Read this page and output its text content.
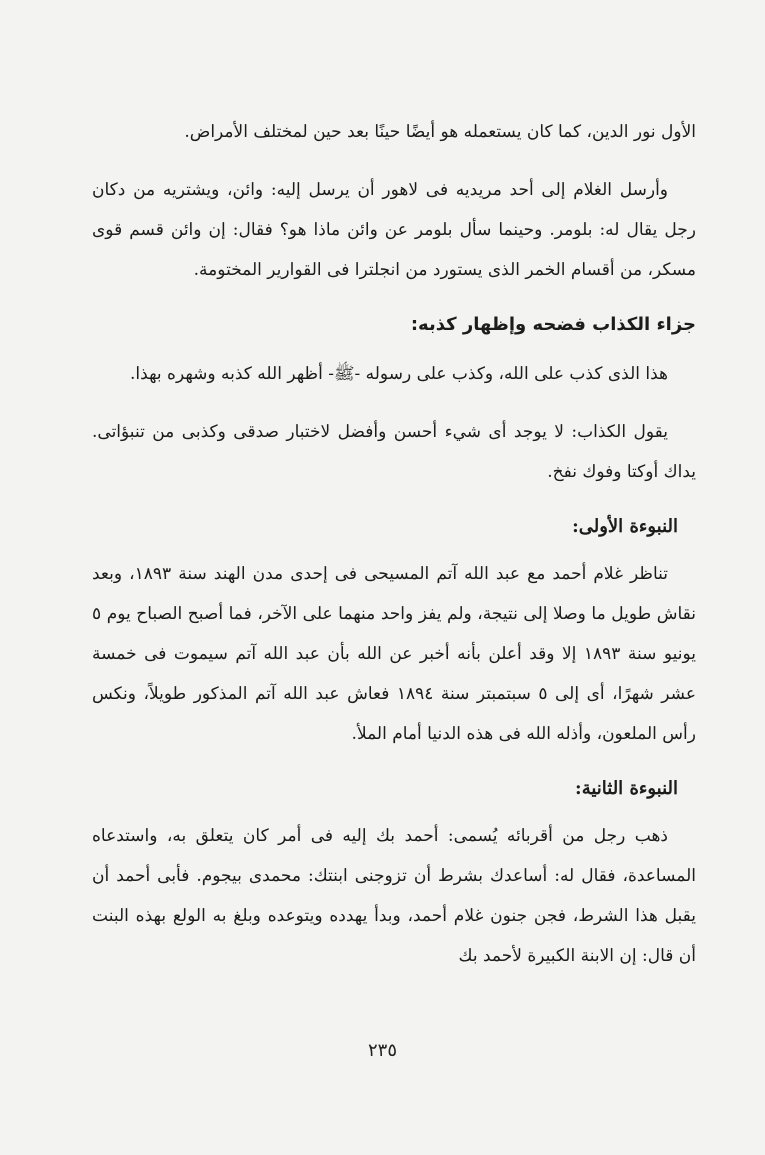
الأول نور الدين، كما كان يستعمله هو أيضًا حينًا بعد حين لمختلف الأمراض.

وأرسل الغلام إلى أحد مريديه فى لاهور أن يرسل إليه: وائن، ويشتريه من دكان رجل يقال له: بلومر. وحينما سأل بلومر عن وائن ماذا هو؟ فقال: إن وائن قسم قوى مسكر، من أقسام الخمر الذى يستورد من انجلترا فى القوارير المختومة.

جزاء الكذاب فضحه وإظهار كذبه:

هذا الذى كذب على الله، وكذب على رسوله -ﷺ- أظهر الله كذبه وشهره بهذا.

يقول الكذاب: لا يوجد أى شيء أحسن وأفضل لاختبار صدقى وكذبى من تنبؤاتى. يداك أوكتا وفوك نفخ.

النبوءة الأولى:

تناظر غلام أحمد مع عبد الله آتم المسيحى فى إحدى مدن الهند سنة ١٨٩٣، وبعد نقاش طويل ما وصلا إلى نتيجة، ولم يفز واحد منهما على الآخر، فما أصبح الصباح يوم ٥ يونيو سنة ١٨٩٣ إلا وقد أعلن بأنه أخبر عن الله بأن عبد الله آتم سيموت فى خمسة عشر شهرًا، أى إلى ٥ سبتمبتر سنة ١٨٩٤ فعاش عبد الله آتم المذكور طويلاً، ونكس رأس الملعون، وأذله الله فى هذه الدنيا أمام الملأ.

النبوءة الثانية:

ذهب رجل من أقربائه يُسمى: أحمد بك إليه فى أمر كان يتعلق به، واستدعاه المساعدة، فقال له: أساعدك بشرط أن تزوجنى ابنتك: محمدى بيجوم. فأبى أحمد أن يقبل هذا الشرط، فجن جنون غلام أحمد، وبدأ يهدده ويتوعده وبلغ به الولع بهذه البنت أن قال: إن الابنة الكبيرة لأحمد بك

٢٣٥
